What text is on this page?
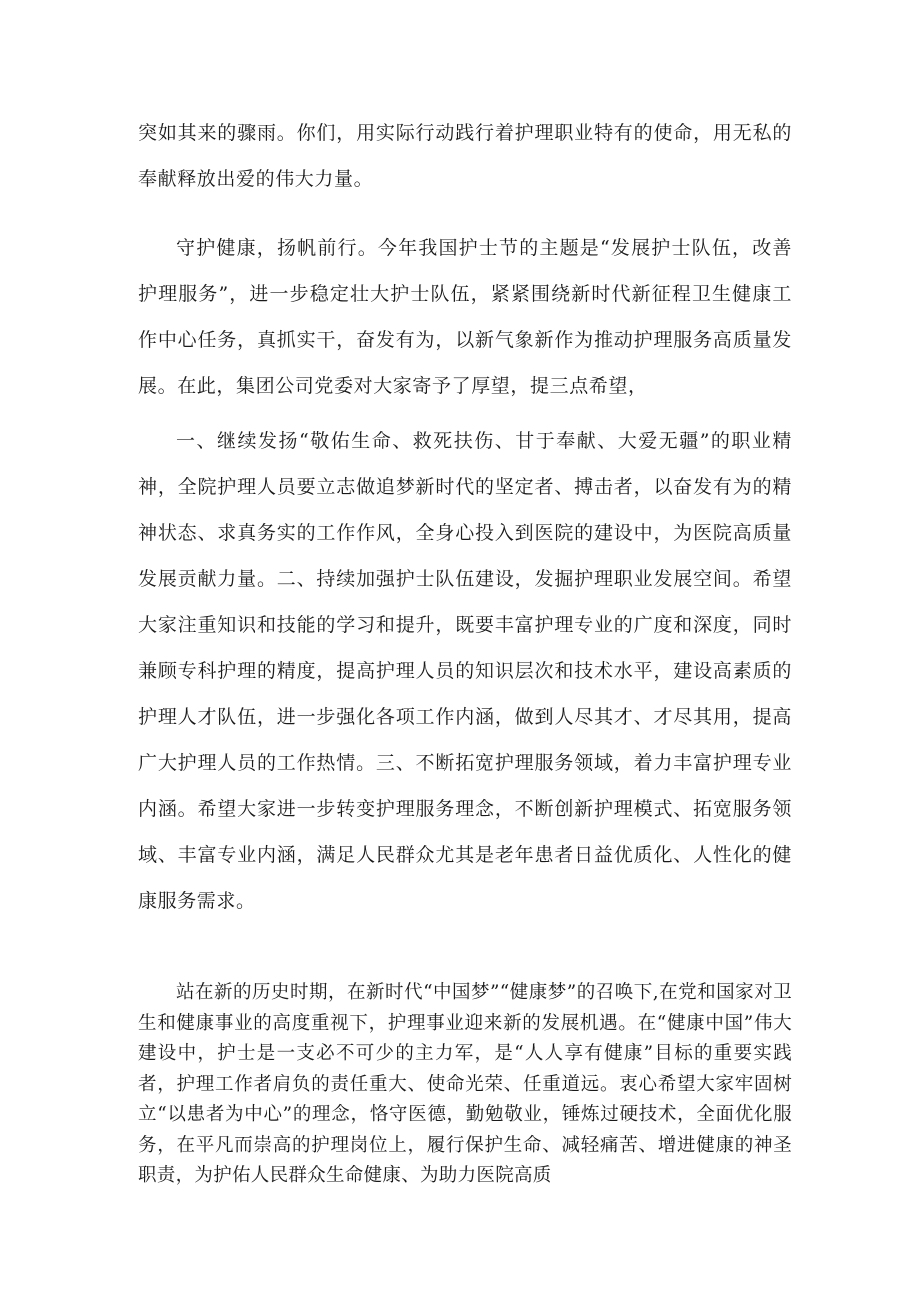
突如其来的骤雨。你们，用实际行动践行着护理职业特有的使命，用无私的奉献释放出爱的伟大力量。

守护健康，扬帆前行。今年我国护士节的主题是“发展护士队伍，改善护理服务”，进一步稳定壮大护士队伍，紧紧围绕新时代新征程卫生健康工作中心任务，真抓实干，奋发有为，以新气象新作为推动护理服务高质量发展。在此，集团公司党委对大家寄予了厚望，提三点希望，

一、继续发扬“敬佑生命、救死扶伤、甘于奉献、大爱无疆”的职业精神，全院护理人员要立志做追梦新时代的坚定者、搏击者，以奋发有为的精神状态、求真务实的工作作风，全身心投入到医院的建设中，为医院高质量发展贡献力量。二、持续加强护士队伍建设，发掘护理职业发展空间。希望大家注重知识和技能的学习和提升，既要丰富护理专业的广度和深度，同时兼顾专科护理的精度，提高护理人员的知识层次和技术水平，建设高素质的护理人才队伍，进一步强化各项工作内涵，做到人尽其才、才尽其用，提高广大护理人员的工作热情。三、不断拓宽护理服务领域，着力丰富护理专业内涵。希望大家进一步转变护理服务理念，不断创新护理模式、拓宽服务领域、丰富专业内涵，满足人民群众尤其是老年患者日益优质化、人性化的健康服务需求。

站在新的历史时期，在新时代“中国梦”“健康梦”的召唤下,在党和国家对卫生和健康事业的高度重视下，护理事业迎来新的发展机遇。在“健康中国”伟大建设中，护士是一支必不可少的主力军，是“人人享有健康”目标的重要实践者，护理工作者肩负的责任重大、使命光荣、任重道远。衷心希望大家牢固树立“以患者为中心”的理念，恪守医德，勤勉敬业，锤炼过硬技术，全面优化服务，在平凡而崇高的护理岗位上，履行保护生命、减轻痛苦、增进健康的神圣职责，为护佑人民群众生命健康、为助力医院高质
